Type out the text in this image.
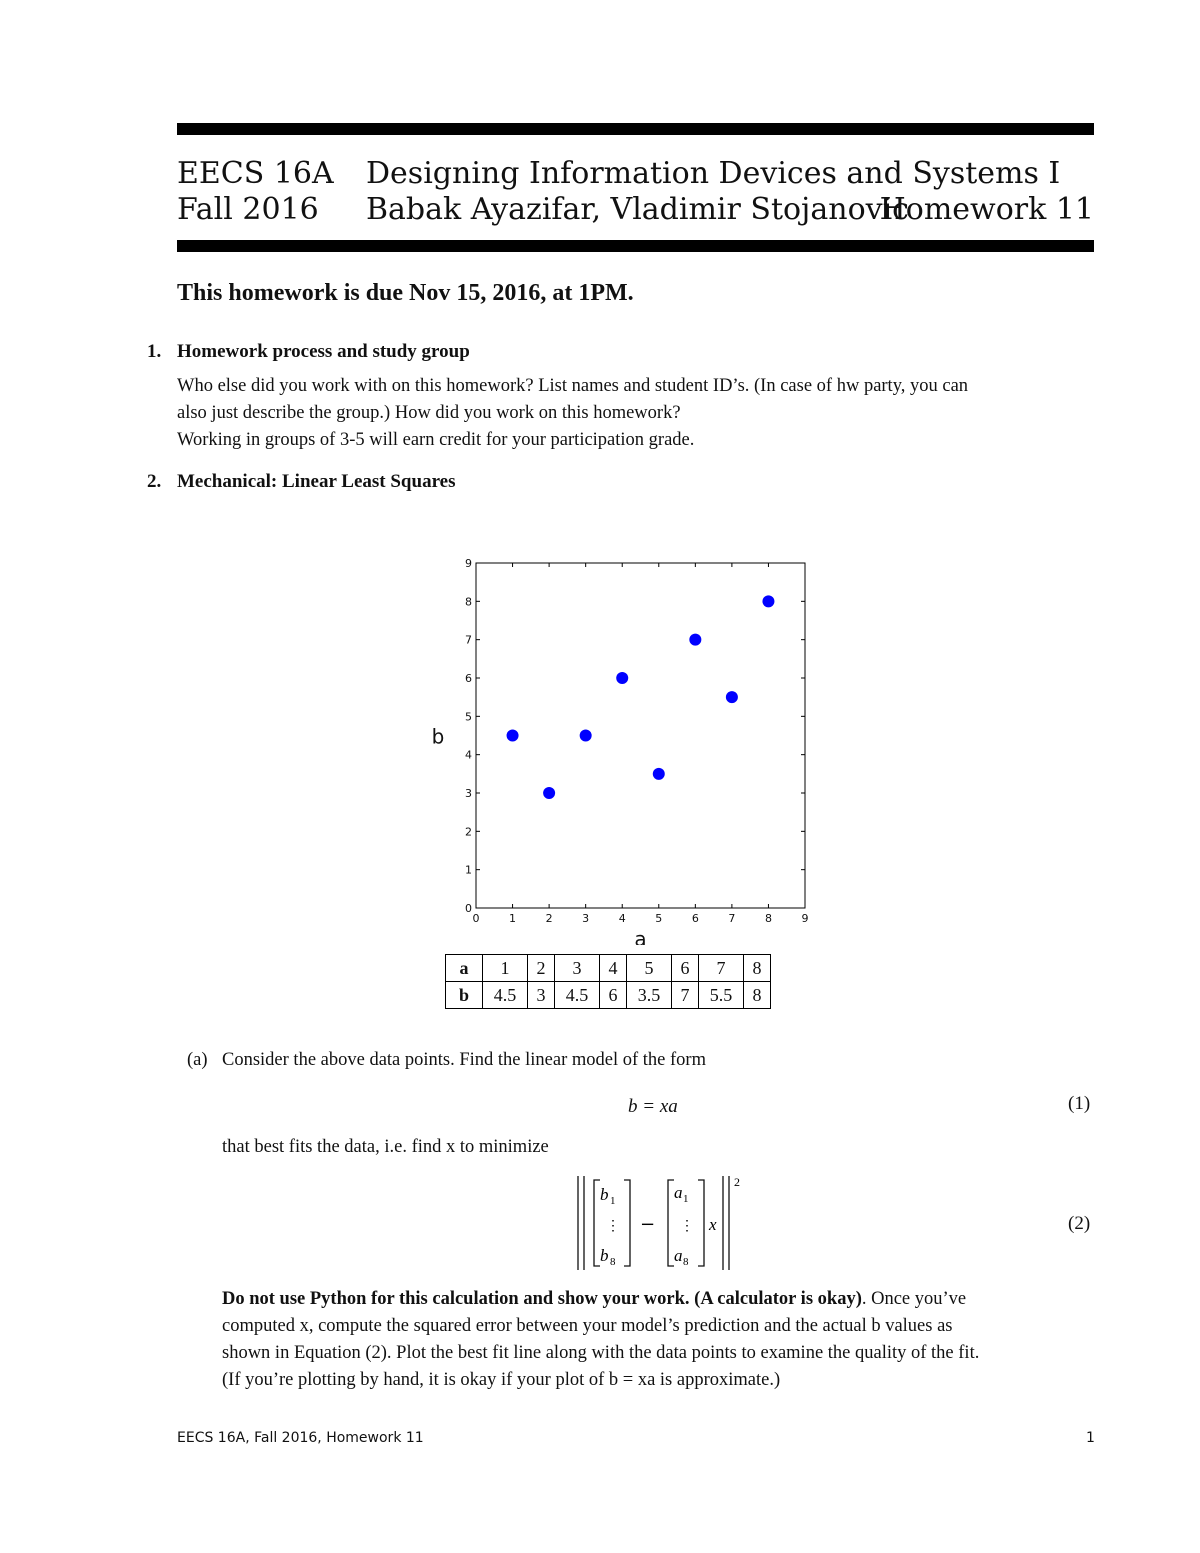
EECS 16A Designing Information Devices and Systems I
Fall 2016 Babak Ayazifar, Vladimir Stojanovic
Homework 11
This homework is due Nov 15, 2016, at 1PM.
1. Homework process and study group

Who else did you work with on this homework? List names and student ID’s. (In case of hw party, you can

also just describe the group.) How did you work on this homework?

Working in groups of 3-5 will earn credit for your participation grade.

2. Mechanical: Linear Least Squares
0	1	2	3	4	5	6	7	8	9
0
1
2
3
4
5
6
7
8
9
a
b
a	1	2	3	4	5	6	7	8
b	4.5	3	4.5	6	3.5	7	5.5	8
(a) Consider the above data points. Find the linear model of the form
b = xa	(1)
that best fits the data, i.e. find x to minimize
b 1
⋮
b 8
−
a 1
⋮
a 8
x
2
(2)
Do not use Python for this calculation and show your work. (A calculator is okay). Once you’ve
computed x, compute the squared error between your model’s prediction and the actual b values as
shown in Equation (2). Plot the best fit line along with the data points to examine the quality of the fit.
(If you’re plotting by hand, it is okay if your plot of b = xa is approximate.)
EECS 16A, Fall 2016, Homework 11	1
